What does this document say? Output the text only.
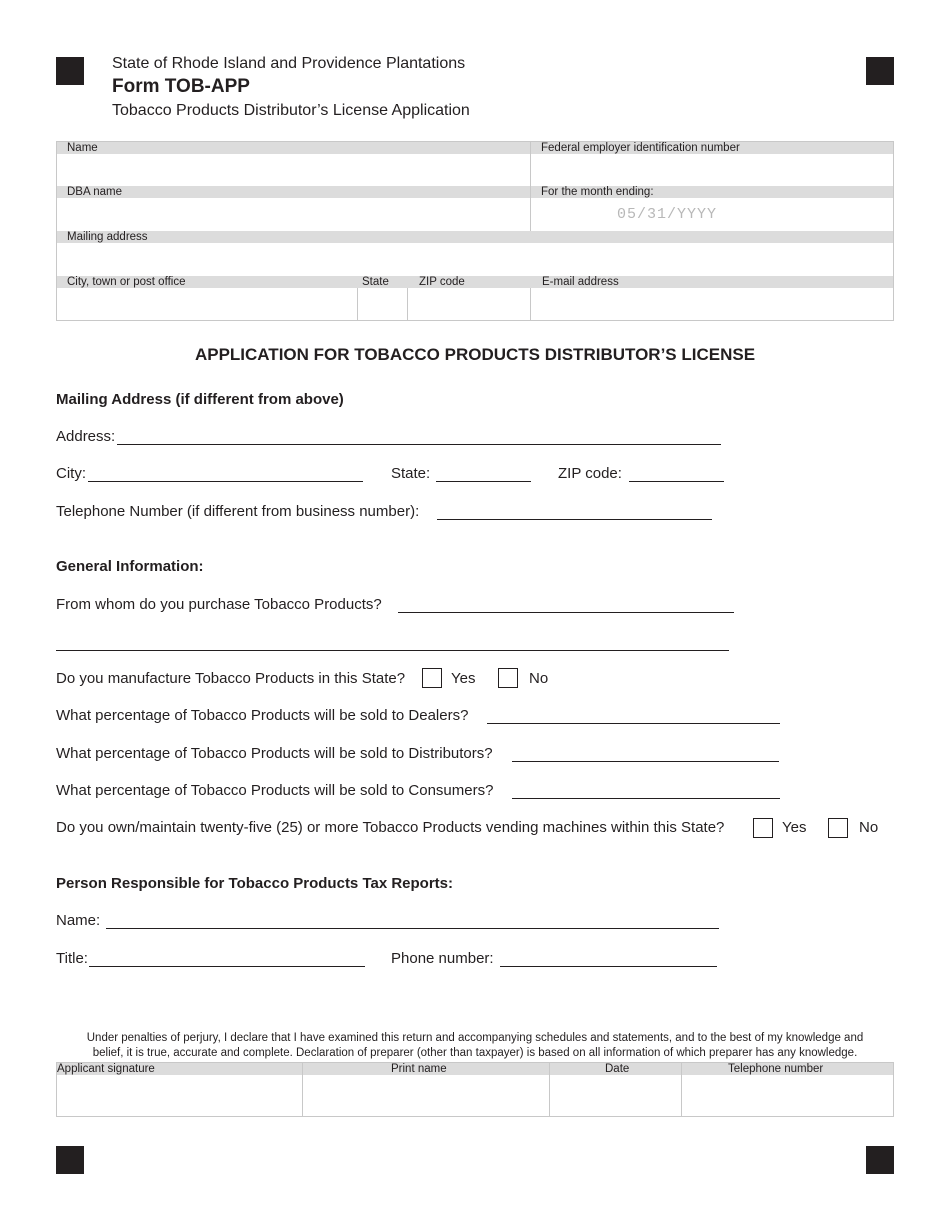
State of Rhode Island and Providence Plantations
Form TOB-APP
Tobacco Products Distributor’s License Application
Name	Federal employer identification number
DBA name	For the month ending:
05/31/YYYY
Mailing address
City, town or post office	State	ZIP code	E-mail address
APPLICATION FOR TOBACCO PRODUCTS DISTRIBUTOR’S LICENSE
Mailing Address (if different from above)
Address:
City:	State:	ZIP code:
Telephone Number (if different from business number):
General Information:
From whom do you purchase Tobacco Products?
Do you manufacture Tobacco Products in this State?	Yes	No
What percentage of Tobacco Products will be sold to Dealers?
What percentage of Tobacco Products will be sold to Distributors?
What percentage of Tobacco Products will be sold to Consumers?
Do you own/maintain twenty-five (25) or more Tobacco Products vending machines within this State?	Yes	No
Person Responsible for Tobacco Products Tax Reports:
Name:
Title:	Phone number:
Under penalties of perjury, I declare that I have examined this return and accompanying schedules and statements, and to the best of my knowledge and
belief, it is true, accurate and complete. Declaration of preparer (other than taxpayer) is based on all information of which preparer has any knowledge.
Applicant signature	Print name	Date	Telephone number
